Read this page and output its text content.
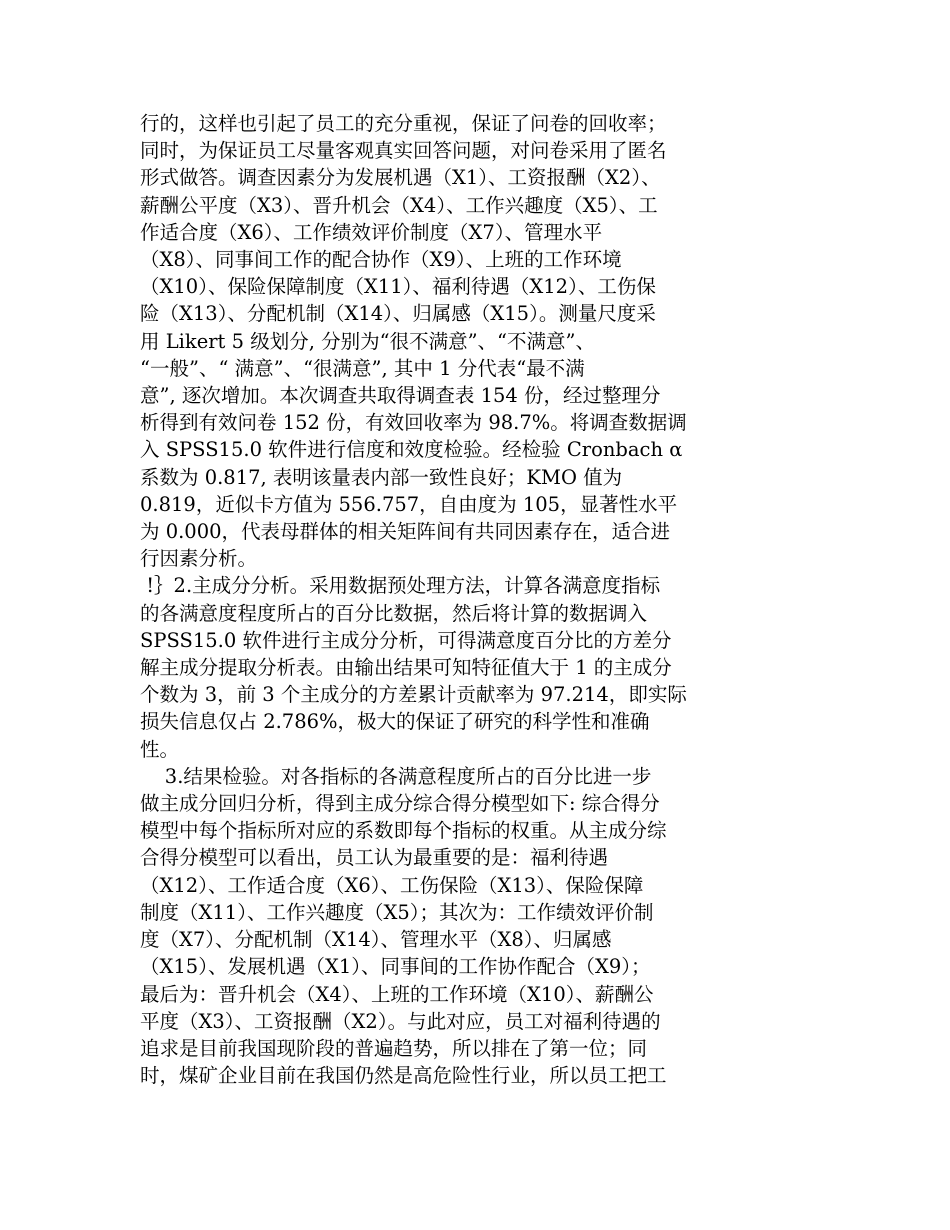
行的，这样也引起了员工的充分重视，保证了问卷的回收率；
同时，为保证员工尽量客观真实回答问题，对问卷采用了匿名
形式做答。调查因素分为发展机遇（X1）、工资报酬（X2）、
薪酬公平度（X3）、晋升机会（X4）、工作兴趣度（X5）、工
作适合度（X6）、工作绩效评价制度（X7）、管理水平
（X8）、同事间工作的配合协作（X9）、上班的工作环境
（X10）、保险保障制度（X11）、福利待遇（X12）、工伤保
险（X13）、分配机制（X14）、归属感（X15）。测量尺度采
用 Likert 5 级划分, 分别为“很不满意”、“不满意”、
“一般”、“ 满意”、“很满意”, 其中 1 分代表“最不满
意”, 逐次增加。本次调查共取得调查表 154 份，经过整理分
析得到有效问卷 152 份，有效回收率为 98.7%。将调查数据调
入 SPSS15.0 软件进行信度和效度检验。经检验 Cronbach α
系数为 0.817, 表明该量表内部一致性良好；KMO 值为
0.819，近似卡方值为 556.757，自由度为 105，显著性水平
为 0.000，代表母群体的相关矩阵间有共同因素存在，适合进
行因素分析。
!｝2.主成分分析。采用数据预处理方法，计算各满意度指标
的各满意度程度所占的百分比数据，然后将计算的数据调入
SPSS15.0 软件进行主成分分析，可得满意度百分比的方差分
解主成分提取分析表。由输出结果可知特征值大于 1 的主成分
个数为 3，前 3 个主成分的方差累计贡献率为 97.214，即实际
损失信息仅占 2.786%，极大的保证了研究的科学性和准确
性。
3.结果检验。对各指标的各满意程度所占的百分比进一步
做主成分回归分析，得到主成分综合得分模型如下: 综合得分
模型中每个指标所对应的系数即每个指标的权重。从主成分综
合得分模型可以看出，员工认为最重要的是：福利待遇
（X12）、工作适合度（X6）、工伤保险（X13）、保险保障
制度（X11）、工作兴趣度（X5）；其次为：工作绩效评价制
度（X7）、分配机制（X14）、管理水平（X8）、归属感
（X15）、发展机遇（X1）、同事间的工作协作配合（X9）；
最后为：晋升机会（X4）、上班的工作环境（X10）、薪酬公
平度（X3）、工资报酬（X2）。与此对应，员工对福利待遇的
追求是目前我国现阶段的普遍趋势，所以排在了第一位；同
时，煤矿企业目前在我国仍然是高危险性行业，所以员工把工
